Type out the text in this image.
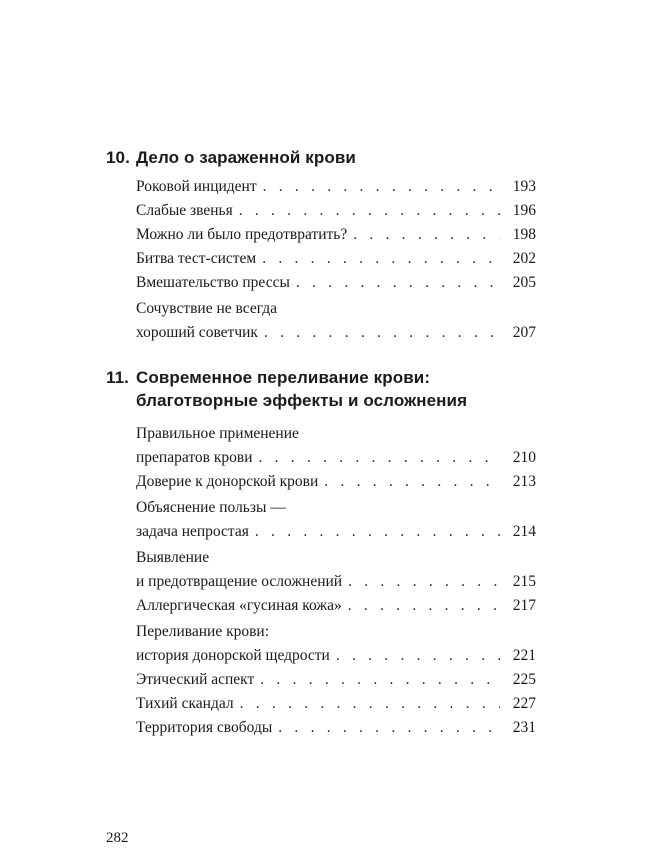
10. Дело о зараженной крови
Роковой инцидент . . .	193
Слабые звенья . . .	196
Можно ли было предотвратить? . . .	198
Битва тест-систем . . .	202
Вмешательство прессы . . .	205
Сочувствие не всегда
хороший советчик . . .	207
11. Современное переливание крови:
благотворные эффекты и осложнения
Правильное применение
препаратов крови . . .	210
Доверие к донорской крови . . .	213
Объяснение пользы —
задача непростая . . .	214
Выявление
и предотвращение осложнений . . .	215
Аллергическая «гусиная кожа» . . .	217
Переливание крови:
история донорской щедрости . . .	221
Этический аспект . . .	225
Тихий скандал . . .	227
Территория свободы . . .	231
282
